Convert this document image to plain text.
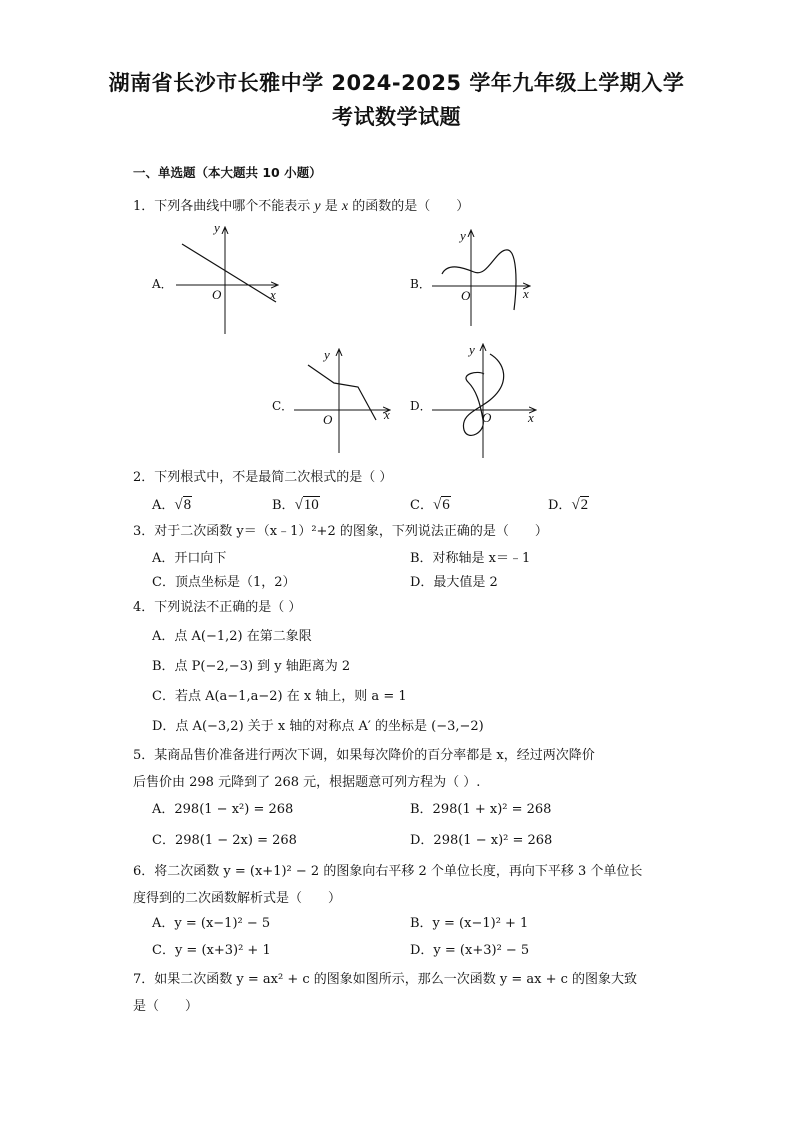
湖南省长沙市长雅中学 2024-2025 学年九年级上学期入学
考试数学试题
一、单选题（本大题共 10 小题）
1．下列各曲线中哪个不能表示 y 是 x 的函数的是（　　）
A．
y
x
O
B．
y
x
O
C．
y
x
O
D．
y
x
O
2．下列根式中，不是最简二次根式的是（ ）
A．√8	B．√10	C．√6	D．√2
3．对于二次函数 y＝（x﹣1）²+2 的图象，下列说法正确的是（　　）
A．开口向下	B．对称轴是 x＝﹣1
C．顶点坐标是（1，2）	D．最大值是 2
4．下列说法不正确的是（ ）
A．点 A(−1,2) 在第二象限
B．点 P(−2,−3) 到 y 轴距离为 2
C．若点 A(a−1,a−2) 在 x 轴上，则 a = 1
D．点 A(−3,2) 关于 x 轴的对称点 A′ 的坐标是 (−3,−2)
5．某商品售价准备进行两次下调，如果每次降价的百分率都是 x，经过两次降价
后售价由 298 元降到了 268 元，根据题意可列方程为（ ）.
A．298(1 − x²) = 268	B．298(1 + x)² = 268
C．298(1 − 2x) = 268	D．298(1 − x)² = 268
6．将二次函数 y = (x+1)² − 2 的图象向右平移 2 个单位长度，再向下平移 3 个单位长
度得到的二次函数解析式是（　　）
A．y = (x−1)² − 5	B．y = (x−1)² + 1
C．y = (x+3)² + 1	D．y = (x+3)² − 5
7．如果二次函数 y = ax² + c 的图象如图所示，那么一次函数 y = ax + c 的图象大致
是（　　）
